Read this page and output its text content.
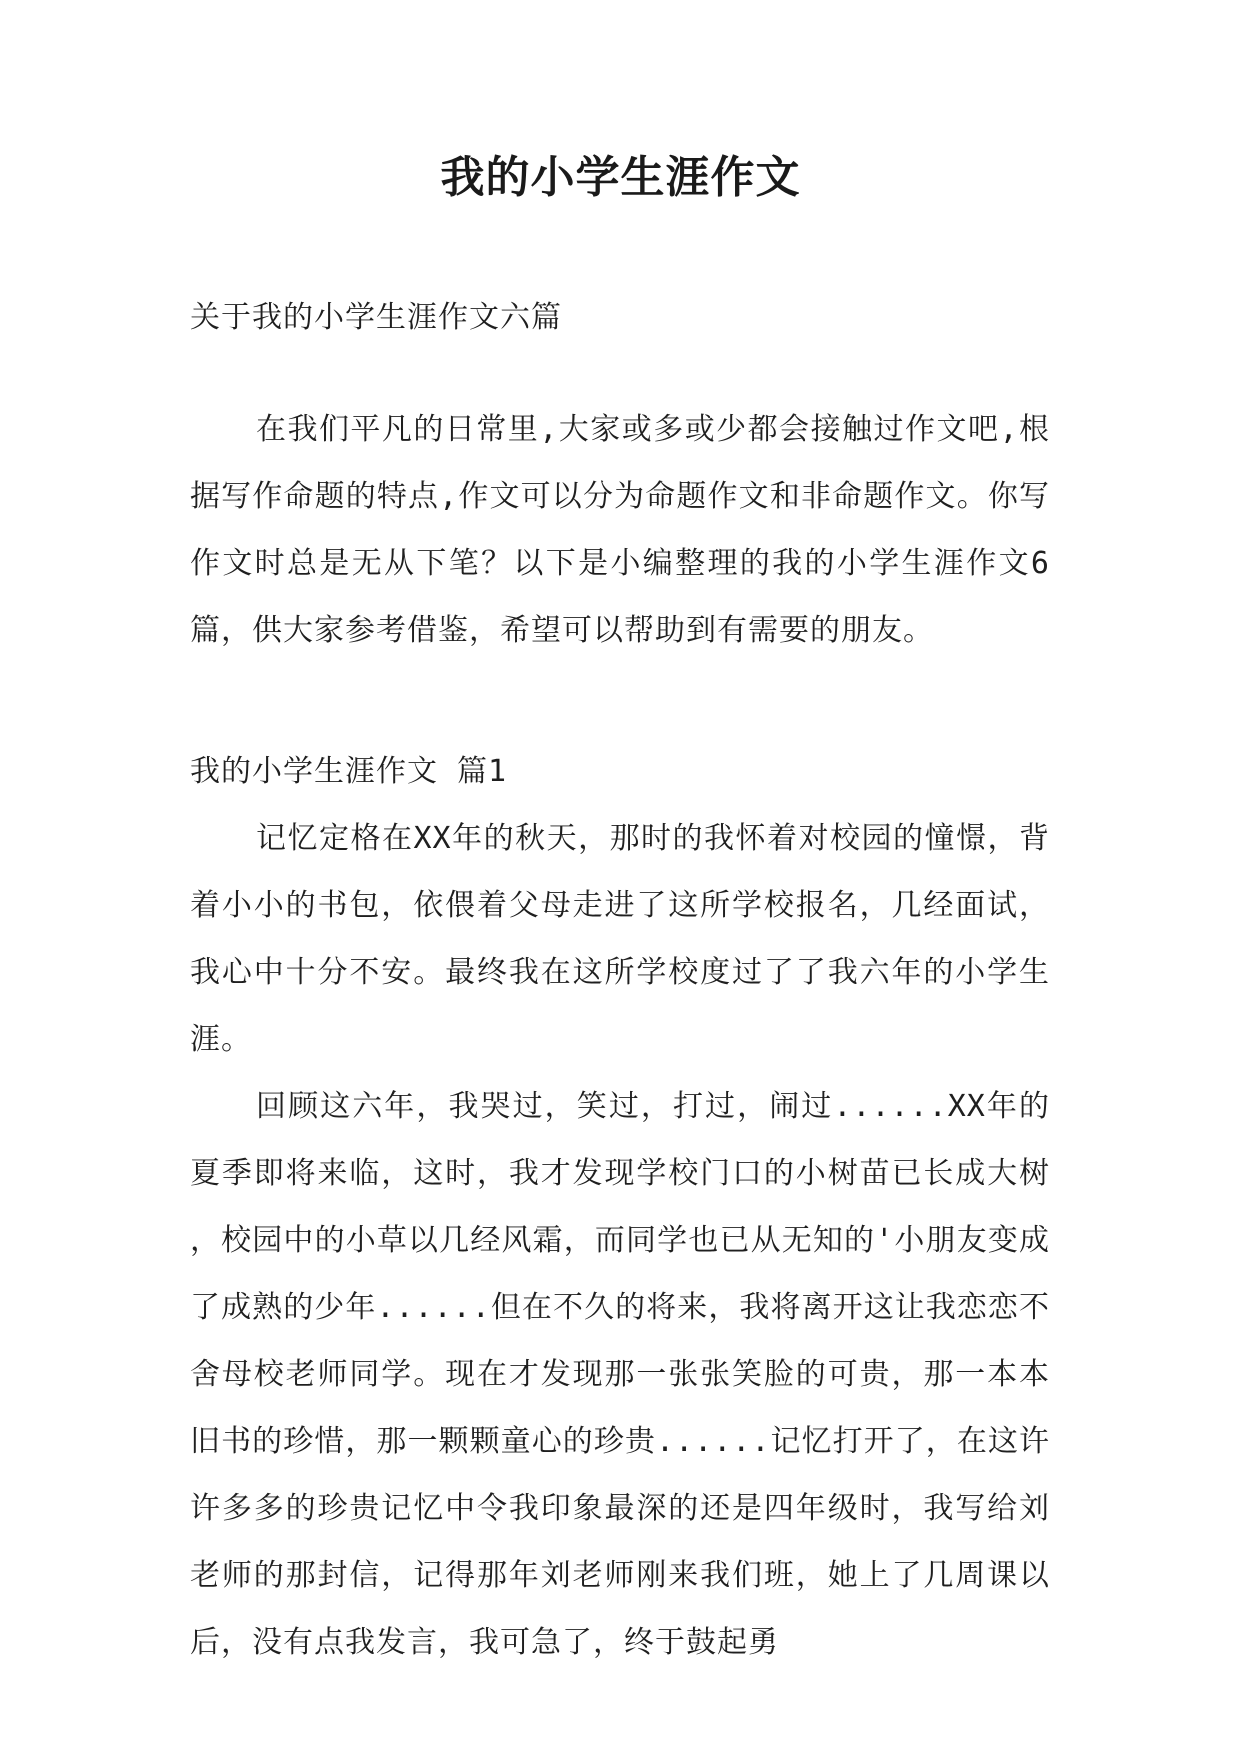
我的小学生涯作文

关于我的小学生涯作文六篇

在我们平凡的日常里,大家或多或少都会接触过作文吧,根据写作命题的特点,作文可以分为命题作文和非命题作文。你写作文时总是无从下笔？以下是小编整理的我的小学生涯作文6篇，供大家参考借鉴，希望可以帮助到有需要的朋友。

我的小学生涯作文 篇1

记忆定格在XX年的秋天，那时的我怀着对校园的憧憬，背着小小的书包，依偎着父母走进了这所学校报名，几经面试，我心中十分不安。最终我在这所学校度过了了我六年的小学生涯。

回顾这六年，我哭过，笑过，打过，闹过......XX年的夏季即将来临，这时，我才发现学校门口的小树苗已长成大树 ，校园中的小草以几经风霜，而同学也已从无知的'小朋友变成了成熟的少年......但在不久的将来，我将离开这让我恋恋不舍母校老师同学。现在才发现那一张张笑脸的可贵，那一本本旧书的珍惜，那一颗颗童心的珍贵......记忆打开了，在这许许多多的珍贵记忆中令我印象最深的还是四年级时，我写给刘老师的那封信，记得那年刘老师刚来我们班，她上了几周课以后，没有点我发言，我可急了，终于鼓起勇
